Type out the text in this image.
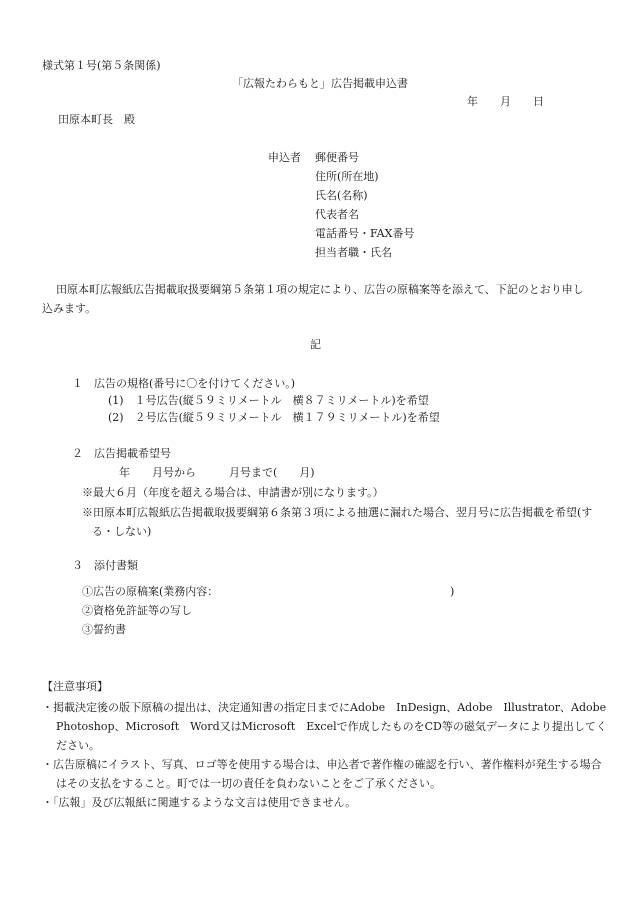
様式第１号(第５条関係)
「広報たわらもと」広告掲載申込書
年　　月　　日
田原本町長　殿
申込者 郵便番号
住所(所在地)
氏名(名称)
代表者名
電話番号・FAX番号
担当者職・氏名
田原本町広報紙広告掲載取扱要綱第５条第１項の規定により、広告の原稿案等を添えて、下記のとおり申し込みます。
記
１　広告の規格(番号に〇を付けてください。)
(1)　１号広告(縦５９ミリメートル　横８７ミリメートル)を希望
(2)　２号広告(縦５９ミリメートル　横１７９ミリメートル)を希望
２　広告掲載希望号
年　　月号から　　　月号まで(　　月)
※最大６月（年度を超える場合は、申請書が別になります。）
※田原本町広報紙広告掲載取扱要綱第６条第３項による抽選に漏れた場合、翌月号に広告掲載を希望(する・しない)
３　添付書類
①広告の原稿案(業務内容：	)
②資格免許証等の写し
③誓約書
【注意事項】
・掲載決定後の版下原稿の提出は、決定通知書の指定日までにAdobe　InDesign、Adobe　Illustrator、Adobe　Photoshop、Microsoft　Word又はMicrosoft　Excelで作成したものをCD等の磁気データにより提出してください。
・広告原稿にイラスト、写真、ロゴ等を使用する場合は、申込者で著作権の確認を行い、著作権料が発生する場合はその支払をすること。町では一切の責任を負わないことをご了承ください。
・「広報」及び広報紙に関連するような文言は使用できません。
